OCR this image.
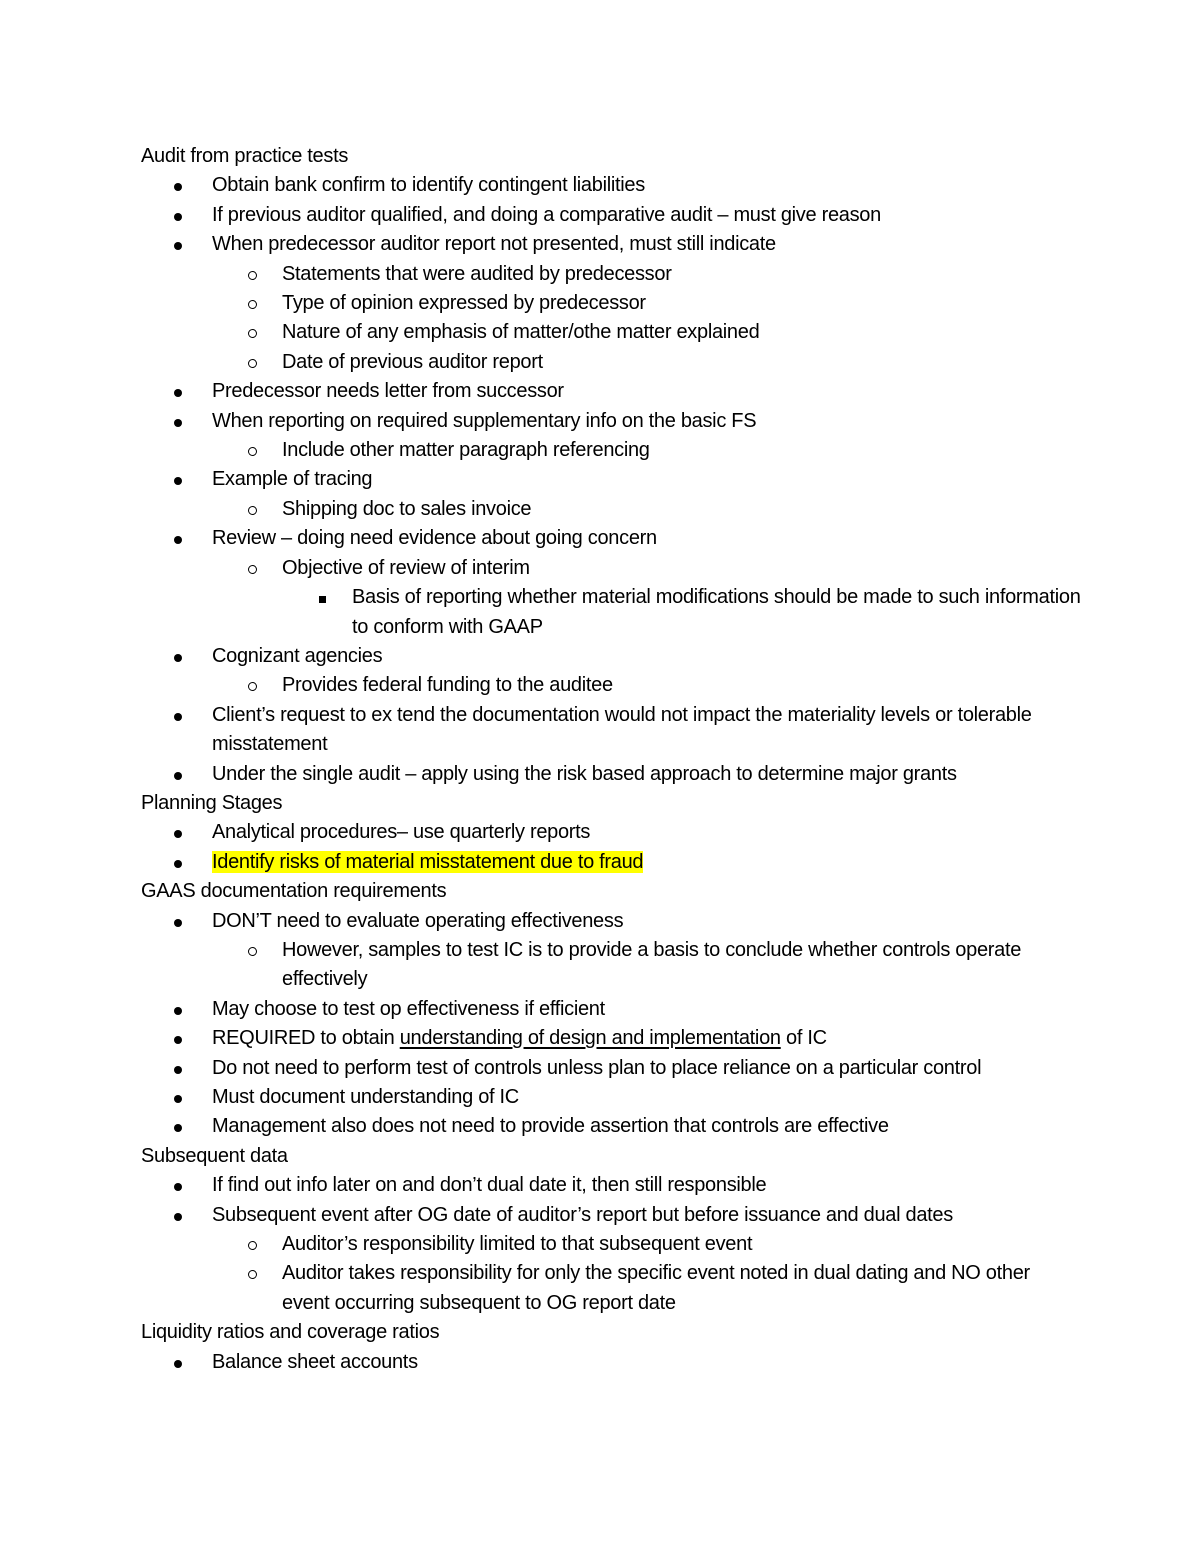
Audit from practice tests
Obtain bank confirm to identify contingent liabilities
If previous auditor qualified, and doing a comparative audit – must give reason
When predecessor auditor report not presented, must still indicate
Statements that were audited by predecessor
Type of opinion expressed by predecessor
Nature of any emphasis of matter/othe matter explained
Date of previous auditor report
Predecessor needs letter from successor
When reporting on required supplementary info on the basic FS
Include other matter paragraph referencing
Example of tracing
Shipping doc to sales invoice
Review – doing need evidence about going concern
Objective of review of interim
Basis of reporting whether material modifications should be made to such information to conform with GAAP
Cognizant agencies
Provides federal funding to the auditee
Client’s request to ex tend the documentation would not impact the materiality levels or tolerable misstatement
Under the single audit – apply using the risk based approach to determine major grants
Planning Stages
Analytical procedures– use quarterly reports
Identify risks of material misstatement due to fraud
GAAS documentation requirements
DON’T need to evaluate operating effectiveness
However, samples to test IC is to provide a basis to conclude whether controls operate effectively
May choose to test op effectiveness if efficient
REQUIRED to obtain understanding of design and implementation of IC
Do not need to perform test of controls unless plan to place reliance on a particular control
Must document understanding of IC
Management also does not need to provide assertion that controls are effective
Subsequent data
If find out info later on and don’t dual date it, then still responsible
Subsequent event after OG date of auditor’s report but before issuance and dual dates
Auditor’s responsibility limited to that subsequent event
Auditor takes responsibility for only the specific event noted in dual dating and NO other event occurring subsequent to OG report date
Liquidity ratios and coverage ratios
Balance sheet accounts
